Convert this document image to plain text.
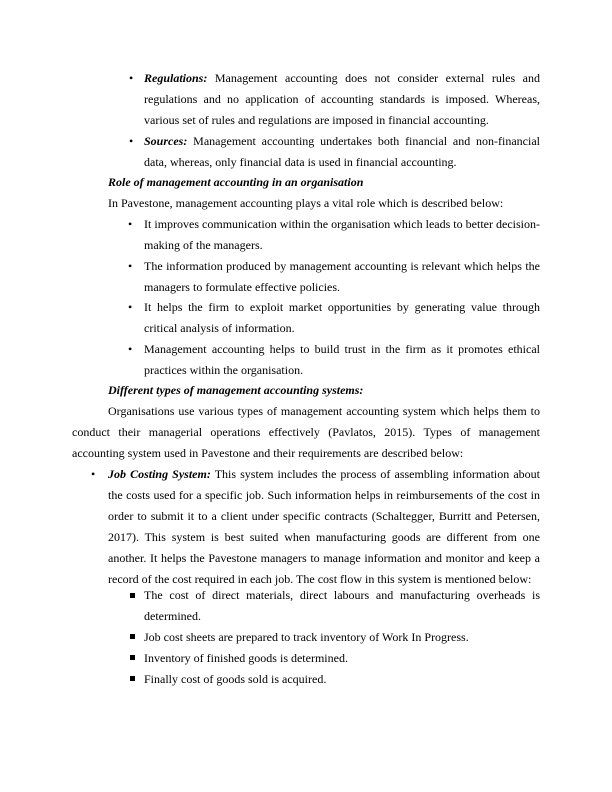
• Regulations: Management accounting does not consider external rules and regulations and no application of accounting standards is imposed. Whereas, various set of rules and regulations are imposed in financial accounting.
• Sources: Management accounting undertakes both financial and non-financial data, whereas, only financial data is used in financial accounting.
Role of management accounting in an organisation
In Pavestone, management accounting plays a vital role which is described below:
• It improves communication within the organisation which leads to better decision-making of the managers.
• The information produced by management accounting is relevant which helps the managers to formulate effective policies.
• It helps the firm to exploit market opportunities by generating value through critical analysis of information.
• Management accounting helps to build trust in the firm as it promotes ethical practices within the organisation.
Different types of management accounting systems:
Organisations use various types of management accounting system which helps them to conduct their managerial operations effectively (Pavlatos, 2015). Types of management accounting system used in Pavestone and their requirements are described below:
• Job Costing System: This system includes the process of assembling information about the costs used for a specific job. Such information helps in reimbursements of the cost in order to submit it to a client under specific contracts (Schaltegger, Burritt and Petersen, 2017). This system is best suited when manufacturing goods are different from one another. It helps the Pavestone managers to manage information and monitor and keep a record of the cost required in each job. The cost flow in this system is mentioned below:
The cost of direct materials, direct labours and manufacturing overheads is determined.
Job cost sheets are prepared to track inventory of Work In Progress.
Inventory of finished goods is determined.
Finally cost of goods sold is acquired.
